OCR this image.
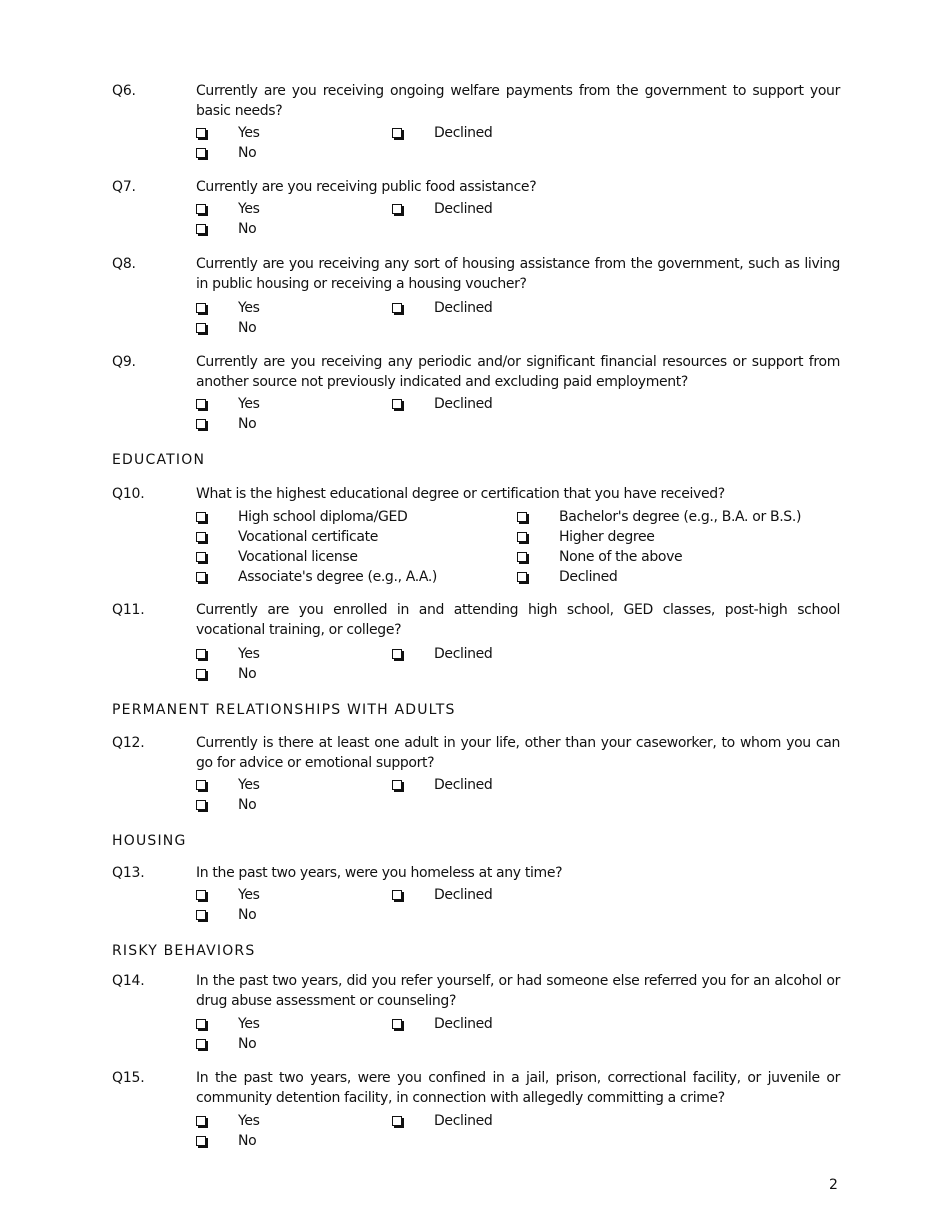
Q6.	Currently are you receiving ongoing welfare payments from the government to support your basic needs?
Yes	Declined
No
Q7.	Currently are you receiving public food assistance?
Yes	Declined
No
Q8.	Currently are you receiving any sort of housing assistance from the government, such as living in public housing or receiving a housing voucher?
Yes	Declined
No
Q9.	Currently are you receiving any periodic and/or significant financial resources or support from another source not previously indicated and excluding paid employment?
Yes	Declined
No
EDUCATION
Q10.	What is the highest educational degree or certification that you have received?
High school diploma/GED
Vocational certificate
Vocational license
Associate's degree (e.g., A.A.)
Bachelor's degree (e.g., B.A. or B.S.)
Higher degree
None of the above
Declined
Q11.	Currently are you enrolled in and attending high school, GED classes, post-high school vocational training, or college?
Yes	Declined
No
PERMANENT RELATIONSHIPS WITH ADULTS
Q12.	Currently is there at least one adult in your life, other than your caseworker, to whom you can go for advice or emotional support?
Yes	Declined
No
HOUSING
Q13.	In the past two years, were you homeless at any time?
Yes	Declined
No
RISKY BEHAVIORS
Q14.	In the past two years, did you refer yourself, or had someone else referred you for an alcohol or drug abuse assessment or counseling?
Yes	Declined
No
Q15.	In the past two years, were you confined in a jail, prison, correctional facility, or juvenile or community detention facility, in connection with allegedly committing a crime?
Yes	Declined
No
2
